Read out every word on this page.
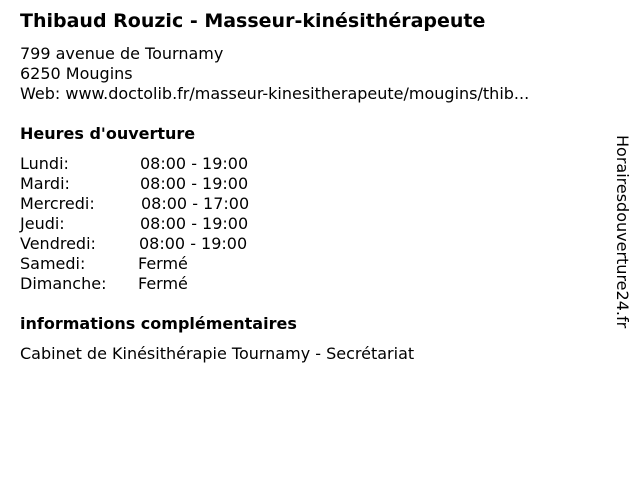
Thibaud Rouzic - Masseur-kinésithérapeute
799 avenue de Tournamy
6250 Mougins
Web: www.doctolib.fr/masseur-kinesitherapeute/mougins/thib...
Heures d'ouverture
Lundi:	08:00 - 19:00
Mardi:	08:00 - 19:00
Mercredi:	08:00 - 17:00
Jeudi:	08:00 - 19:00
Vendredi:	08:00 - 19:00
Samedi:	Fermé
Dimanche: Fermé
informations complémentaires
Cabinet de Kinésithérapie Tournamy - Secrétariat
Horairesdouverture24.fr
